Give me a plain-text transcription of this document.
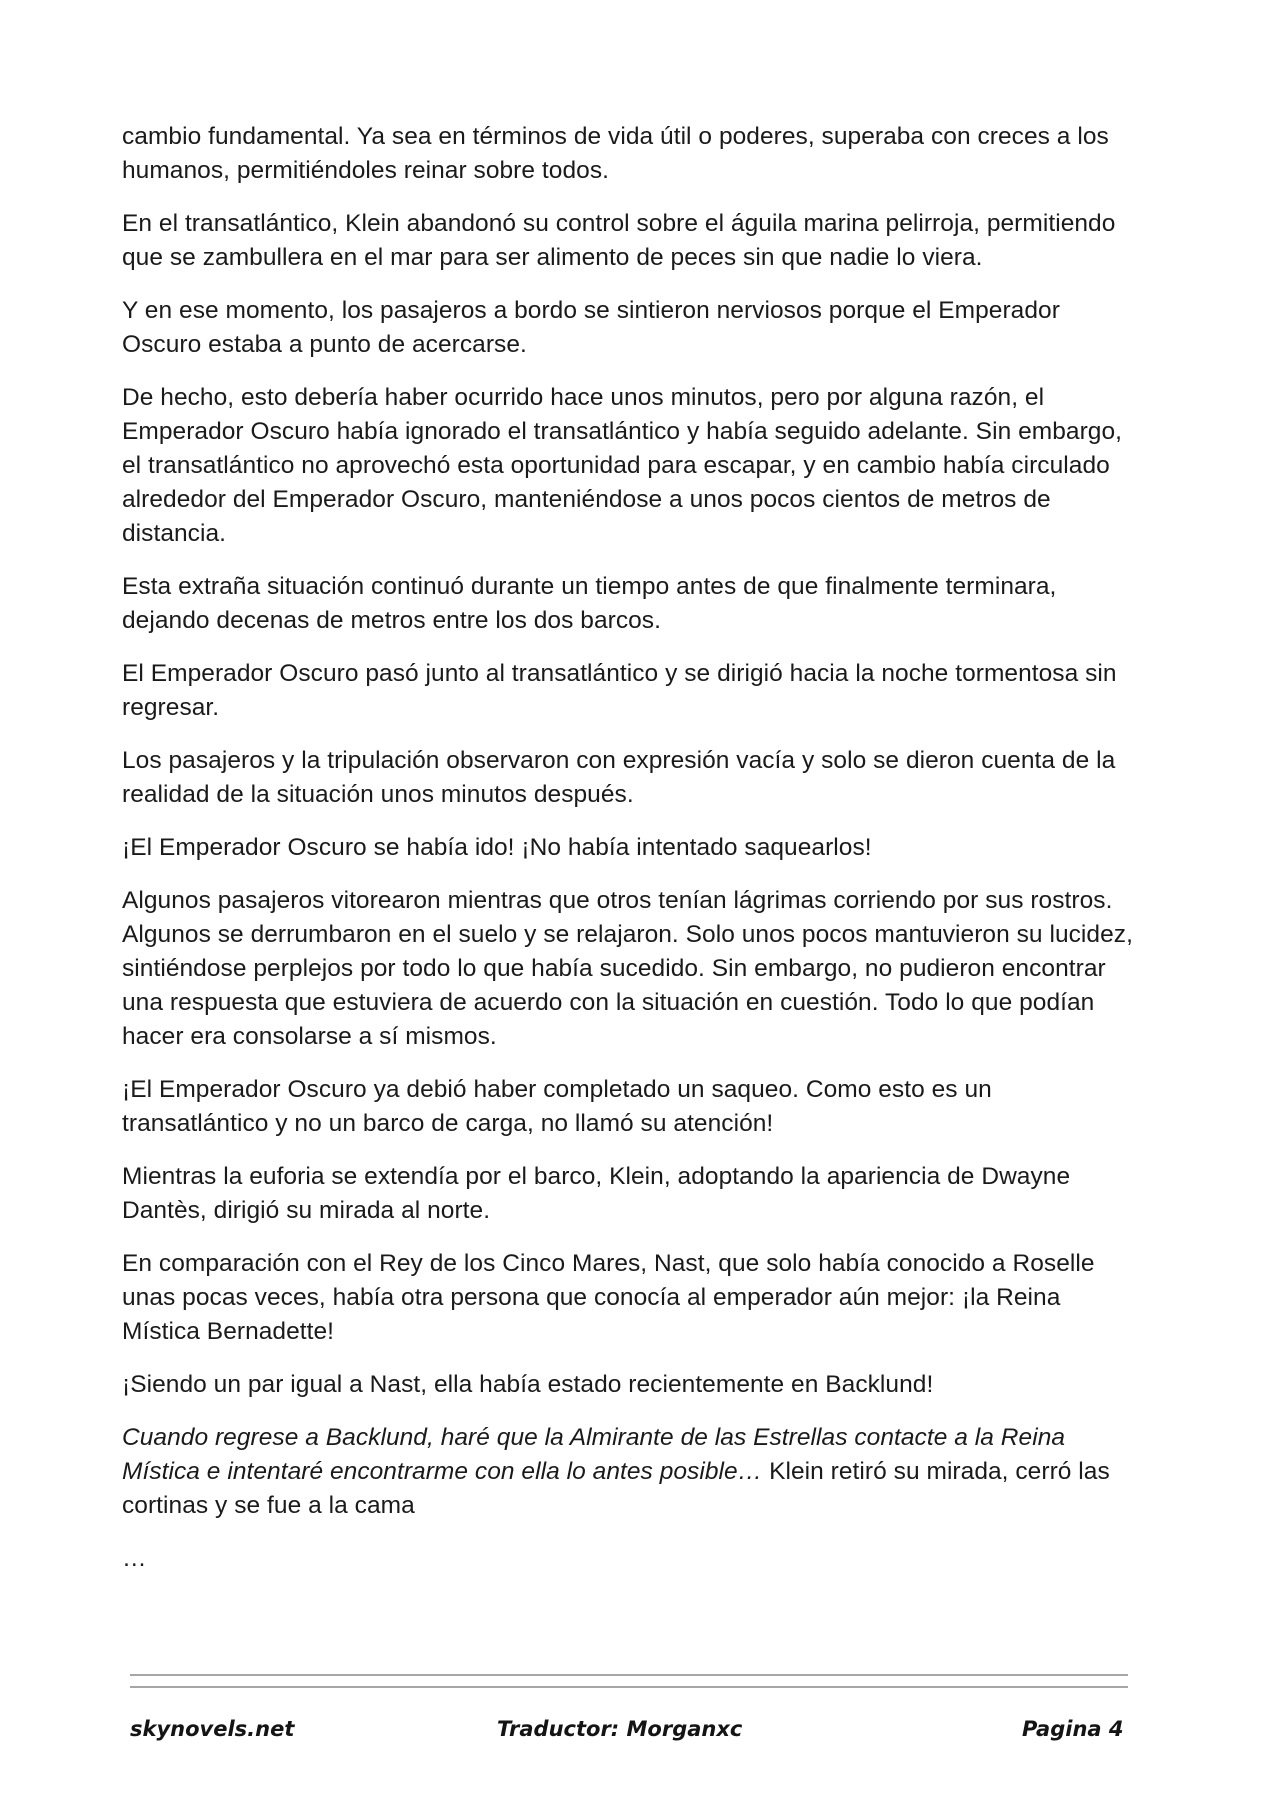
cambio fundamental. Ya sea en términos de vida útil o poderes, superaba con creces a los humanos, permitiéndoles reinar sobre todos.

En el transatlántico, Klein abandonó su control sobre el águila marina pelirroja, permitiendo que se zambullera en el mar para ser alimento de peces sin que nadie lo viera.

Y en ese momento, los pasajeros a bordo se sintieron nerviosos porque el Emperador Oscuro estaba a punto de acercarse.

De hecho, esto debería haber ocurrido hace unos minutos, pero por alguna razón, el Emperador Oscuro había ignorado el transatlántico y había seguido adelante. Sin embargo, el transatlántico no aprovechó esta oportunidad para escapar, y en cambio había circulado alrededor del Emperador Oscuro, manteniéndose a unos pocos cientos de metros de distancia.

Esta extraña situación continuó durante un tiempo antes de que finalmente terminara, dejando decenas de metros entre los dos barcos.

El Emperador Oscuro pasó junto al transatlántico y se dirigió hacia la noche tormentosa sin regresar.

Los pasajeros y la tripulación observaron con expresión vacía y solo se dieron cuenta de la realidad de la situación unos minutos después.

¡El Emperador Oscuro se había ido! ¡No había intentado saquearlos!

Algunos pasajeros vitorearon mientras que otros tenían lágrimas corriendo por sus rostros. Algunos se derrumbaron en el suelo y se relajaron. Solo unos pocos mantuvieron su lucidez, sintiéndose perplejos por todo lo que había sucedido. Sin embargo, no pudieron encontrar una respuesta que estuviera de acuerdo con la situación en cuestión. Todo lo que podían hacer era consolarse a sí mismos.

¡El Emperador Oscuro ya debió haber completado un saqueo. Como esto es un transatlántico y no un barco de carga, no llamó su atención!

Mientras la euforia se extendía por el barco, Klein, adoptando la apariencia de Dwayne Dantès, dirigió su mirada al norte.

En comparación con el Rey de los Cinco Mares, Nast, que solo había conocido a Roselle unas pocas veces, había otra persona que conocía al emperador aún mejor: ¡la Reina Mística Bernadette!

¡Siendo un par igual a Nast, ella había estado recientemente en Backlund!

Cuando regrese a Backlund, haré que la Almirante de las Estrellas contacte a la Reina Mística e intentaré encontrarme con ella lo antes posible… Klein retiró su mirada, cerró las cortinas y se fue a la cama

…
skynovels.net	Traductor: Morganxc	Pagina 4
